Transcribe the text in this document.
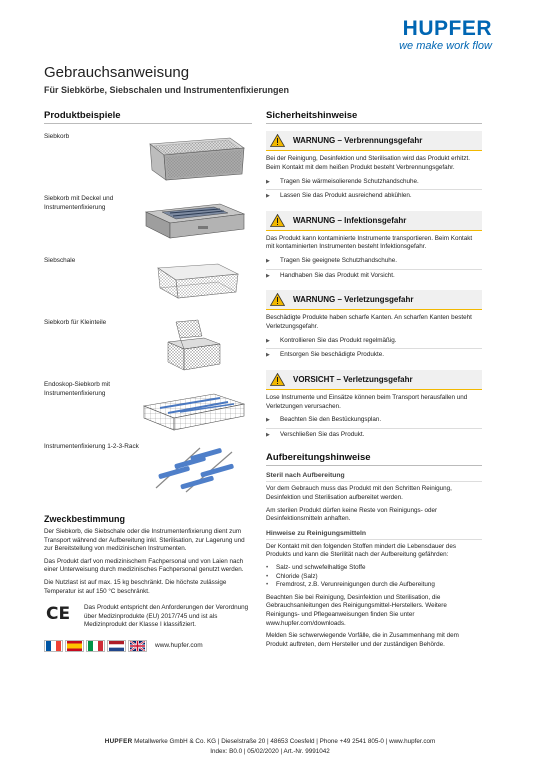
HUPFER
we make work flow
Gebrauchsanweisung
Für Siebkörbe, Siebschalen und Instrumentenfixierungen
Produktbeispiele
Siebkorb
Siebkorb mit Deckel und Instrumentenfixierung
Siebschale
Siebkorb für Kleinteile
Endoskop-Siebkorb mit Instrumentenfixierung
Instrumentenfixierung 1-2-3-Rack
Zweckbestimmung
Der Siebkorb, die Siebschale oder die Instrumentenfixierung dient zum Transport während der Aufbereitung inkl. Sterilisation, zur Lagerung und zur Bereitstellung von medizinischen Instrumenten.
Das Produkt darf von medizinischem Fachpersonal und von Laien nach einer Unterweisung durch medizinisches Fachpersonal genutzt werden.
Die Nutzlast ist auf max. 15 kg beschränkt. Die höchste zulässige Temperatur ist auf 150 °C beschränkt.
CE	Das Produkt entspricht den Anforderungen der Verordnung über Medizinprodukte (EU) 2017/745 und ist als Medizinprodukt der Klasse I klassifiziert.
www.hupfer.com
Sicherheitshinweise
WARNUNG – Verbrennungsgefahr
Bei der Reinigung, Desinfektion und Sterilisation wird das Produkt erhitzt. Beim Kontakt mit dem heißen Produkt besteht Verbrennungsgefahr.
▶ Tragen Sie wärmeisolierende Schutzhandschuhe.
▶ Lassen Sie das Produkt ausreichend abkühlen.
WARNUNG – Infektionsgefahr
Das Produkt kann kontaminierte Instrumente transportieren. Beim Kontakt mit kontaminierten Instrumenten besteht Infektionsgefahr.
▶ Tragen Sie geeignete Schutzhandschuhe.
▶ Handhaben Sie das Produkt mit Vorsicht.
WARNUNG – Verletzungsgefahr
Beschädigte Produkte haben scharfe Kanten. An scharfen Kanten besteht Verletzungsgefahr.
▶ Kontrollieren Sie das Produkt regelmäßig.
▶ Entsorgen Sie beschädigte Produkte.
VORSICHT – Verletzungsgefahr
Lose Instrumente und Einsätze können beim Transport herausfallen und Verletzungen verursachen.
▶ Beachten Sie den Bestückungsplan.
▶ Verschließen Sie das Produkt.
Aufbereitungshinweise
Steril nach Aufbereitung
Vor dem Gebrauch muss das Produkt mit den Schritten Reinigung, Desinfektion und Sterilisation aufbereitet werden.
Am sterilen Produkt dürfen keine Reste von Reinigungs- oder Desinfektionsmitteln anhaften.
Hinweise zu Reinigungsmitteln
Der Kontakt mit den folgenden Stoffen mindert die Lebensdauer des Produkts und kann die Sterilität nach der Aufbereitung gefährden:
• Salz- und schwefelhaltige Stoffe
• Chloride (Salz)
• Fremdrost, z.B. Verunreinigungen durch die Aufbereitung
Beachten Sie bei Reinigung, Desinfektion und Sterilisation, die Gebrauchsanleitungen des Reinigungsmittel-Herstellers. Weitere Reinigungs- und Pflegeanweisungen finden Sie unter www.hupfer.com/downloads.
Melden Sie schwerwiegende Vorfälle, die in Zusammenhang mit dem Produkt auftreten, dem Hersteller und der zuständigen Behörde.
HUPFER Metallwerke GmbH & Co. KG | Dieselstraße 20 | 48653 Coesfeld | Phone +49 2541 805-0 | www.hupfer.com
Index: B0.0 | 05/02/2020 | Art.-Nr. 9991042
